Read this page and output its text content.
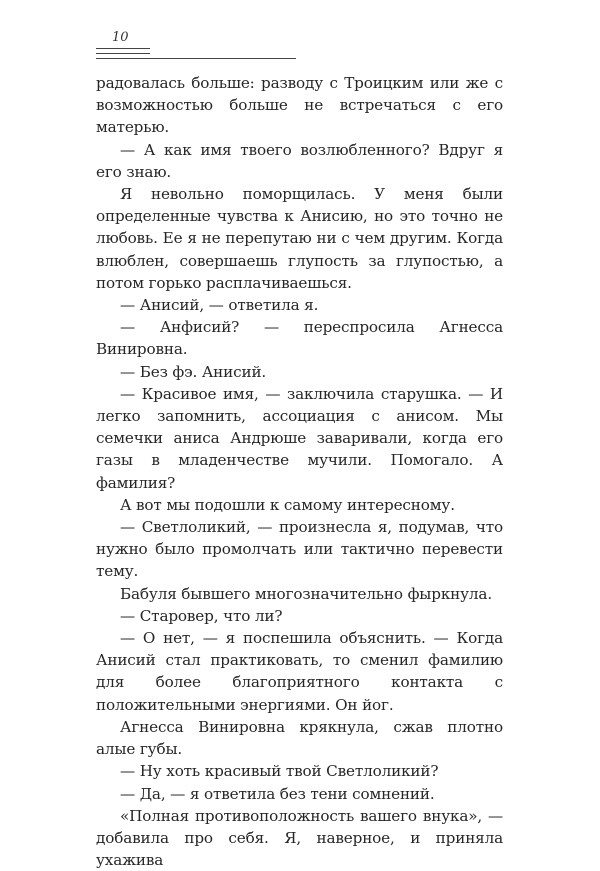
10

радовалась больше: разводу с Троицким или же с возможностью больше не встречаться с его матерью.

— А как имя твоего возлюбленного? Вдруг я его знаю.

Я невольно поморщилась. У меня были определенные чувства к Анисию, но это точно не любовь. Ее я не перепутаю ни с чем другим. Когда влюблен, совершаешь глупость за глупостью, а потом горько расплачиваешься.

— Анисий, — ответила я.

— Анфисий? — переспросила Агнесса Винировна.

— Без фэ. Анисий.

— Красивое имя, — заключила старушка. — И легко запомнить, ассоциация с анисом. Мы семечки аниса Андрюше заваривали, когда его газы в младенчестве мучили. Помогало. А фамилия?

А вот мы подошли к самому интересному.

— Светлоликий, — произнесла я, подумав, что нужно было промолчать или тактично перевести тему.

Бабуля бывшего многозначительно фыркнула.

— Старовер, что ли?

— О нет, — я поспешила объяснить. — Когда Анисий стал практиковать, то сменил фамилию для более благоприятного контакта с положительными энергиями. Он йог.

Агнесса Винировна крякнула, сжав плотно алые губы.

— Ну хоть красивый твой Светлоликий?

— Да, — я ответила без тени сомнений.

«Полная противоположность вашего внука», — добавила про себя. Я, наверное, и приняла ухажива
